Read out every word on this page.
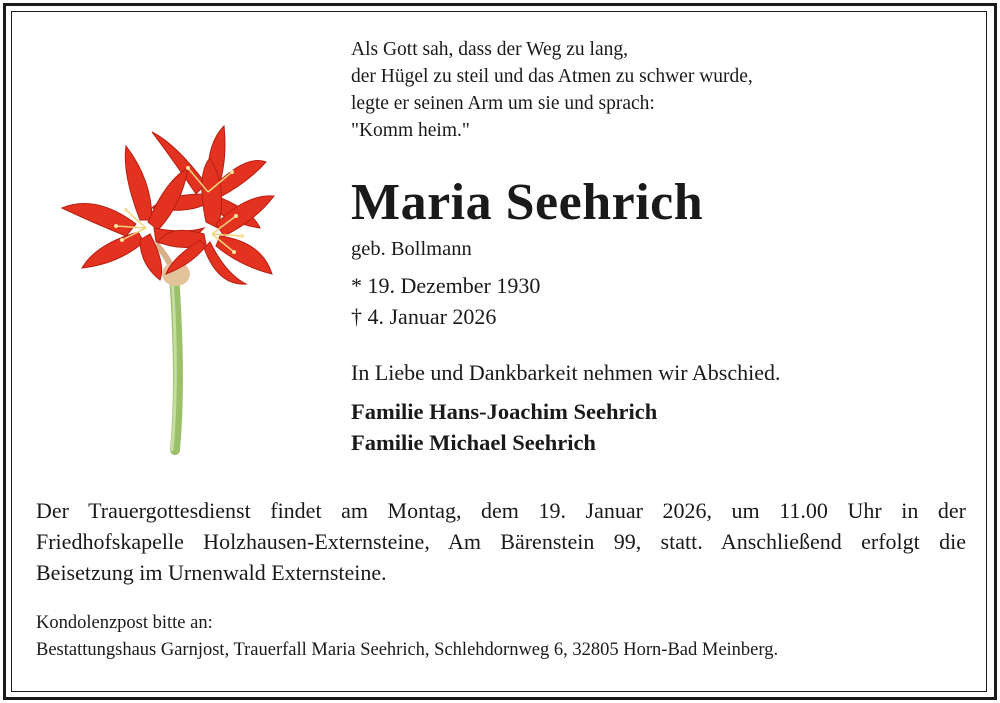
Als Gott sah, dass der Weg zu lang,
der Hügel zu steil und das Atmen zu schwer wurde,
legte er seinen Arm um sie und sprach:
"Komm heim."
Maria Seehrich
geb. Bollmann
* 19. Dezember 1930
† 4. Januar 2026
In Liebe und Dankbarkeit nehmen wir Abschied.
Familie Hans-Joachim Seehrich
Familie Michael Seehrich
Der Trauergottesdienst findet am Montag, dem 19. Januar 2026, um 11.00 Uhr in der
Friedhofskapelle Holzhausen-Externsteine, Am Bärenstein 99, statt. Anschließend erfolgt die
Beisetzung im Urnenwald Externsteine.
Kondolenzpost bitte an:
Bestattungshaus Garnjost, Trauerfall Maria Seehrich, Schlehdornweg 6, 32805 Horn-Bad Meinberg.
